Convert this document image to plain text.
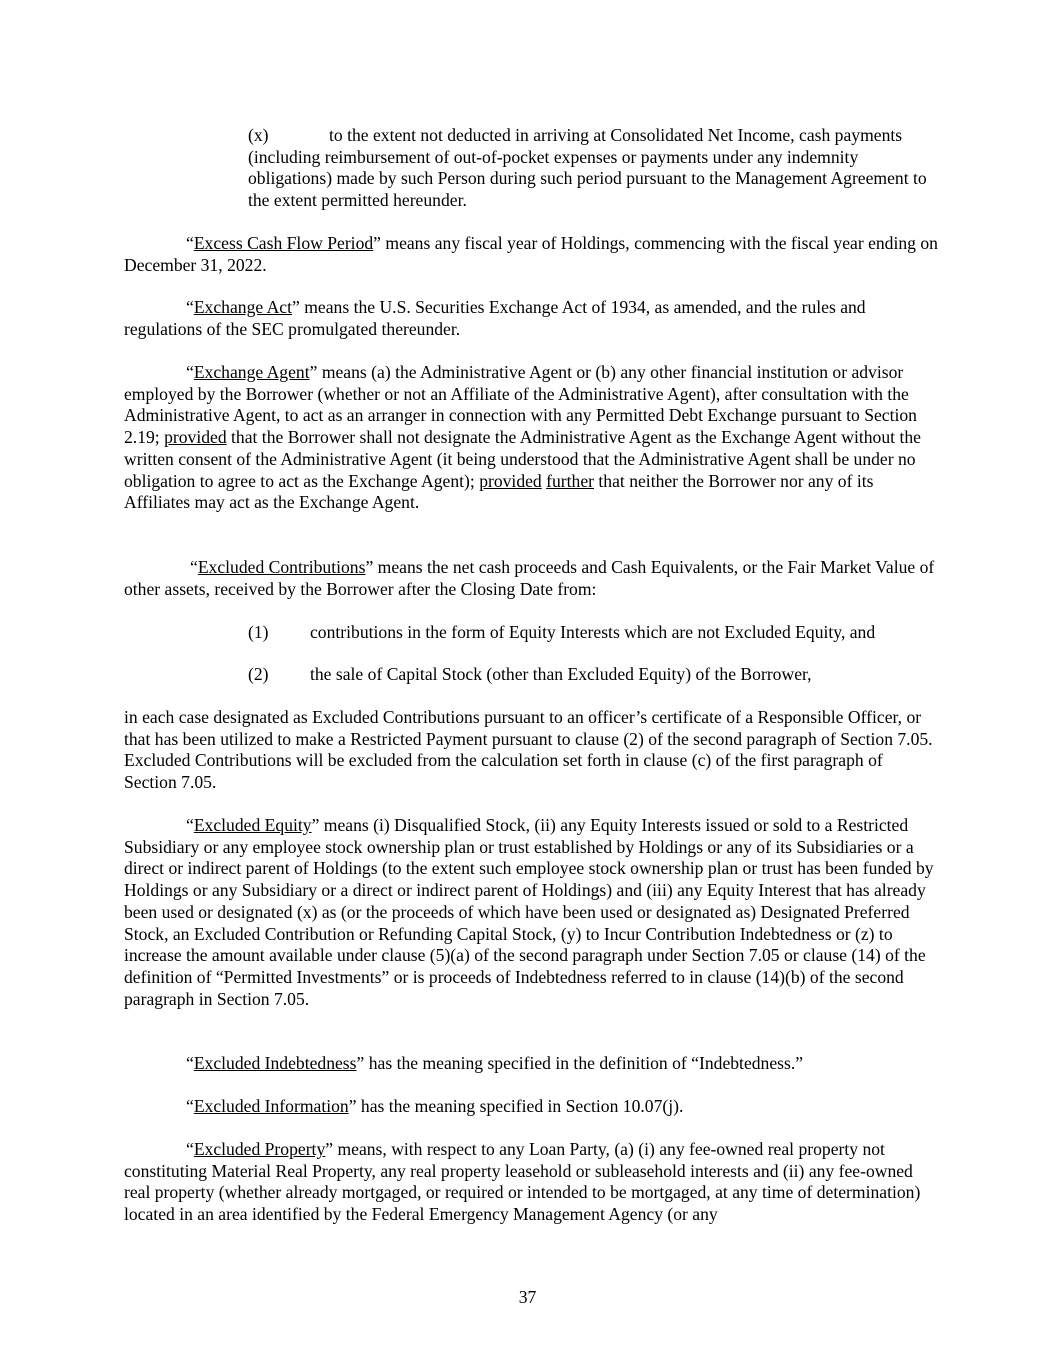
(x)	to the extent not deducted in arriving at Consolidated Net Income, cash payments (including reimbursement of out-of-pocket expenses or payments under any indemnity obligations) made by such Person during such period pursuant to the Management Agreement to the extent permitted hereunder.

“Excess Cash Flow Period” means any fiscal year of Holdings, commencing with the fiscal year ending on December 31, 2022.

“Exchange Act” means the U.S. Securities Exchange Act of 1934, as amended, and the rules and regulations of the SEC promulgated thereunder.

“Exchange Agent” means (a) the Administrative Agent or (b) any other financial institution or advisor employed by the Borrower (whether or not an Affiliate of the Administrative Agent), after consultation with the Administrative Agent, to act as an arranger in connection with any Permitted Debt Exchange pursuant to Section 2.19; provided that the Borrower shall not designate the Administrative Agent as the Exchange Agent without the written consent of the Administrative Agent (it being understood that the Administrative Agent shall be under no obligation to agree to act as the Exchange Agent); provided further that neither the Borrower nor any of its Affiliates may act as the Exchange Agent.

“Excluded Contributions” means the net cash proceeds and Cash Equivalents, or the Fair Market Value of other assets, received by the Borrower after the Closing Date from:

(1) contributions in the form of Equity Interests which are not Excluded Equity, and

(2) the sale of Capital Stock (other than Excluded Equity) of the Borrower,

in each case designated as Excluded Contributions pursuant to an officer’s certificate of a Responsible Officer, or that has been utilized to make a Restricted Payment pursuant to clause (2) of the second paragraph of Section 7.05. Excluded Contributions will be excluded from the calculation set forth in clause (c) of the first paragraph of Section 7.05.

“Excluded Equity” means (i) Disqualified Stock, (ii) any Equity Interests issued or sold to a Restricted Subsidiary or any employee stock ownership plan or trust established by Holdings or any of its Subsidiaries or a direct or indirect parent of Holdings (to the extent such employee stock ownership plan or trust has been funded by Holdings or any Subsidiary or a direct or indirect parent of Holdings) and (iii) any Equity Interest that has already been used or designated (x) as (or the proceeds of which have been used or designated as) Designated Preferred Stock, an Excluded Contribution or Refunding Capital Stock, (y) to Incur Contribution Indebtedness or (z) to increase the amount available under clause (5)(a) of the second paragraph under Section 7.05 or clause (14) of the definition of “Permitted Investments” or is proceeds of Indebtedness referred to in clause (14)(b) of the second paragraph in Section 7.05.

“Excluded Indebtedness” has the meaning specified in the definition of “Indebtedness.”

“Excluded Information” has the meaning specified in Section 10.07(j).

“Excluded Property” means, with respect to any Loan Party, (a) (i) any fee-owned real property not constituting Material Real Property, any real property leasehold or subleasehold interests and (ii) any fee-owned real property (whether already mortgaged, or required or intended to be mortgaged, at any time of determination) located in an area identified by the Federal Emergency Management Agency (or any

37
